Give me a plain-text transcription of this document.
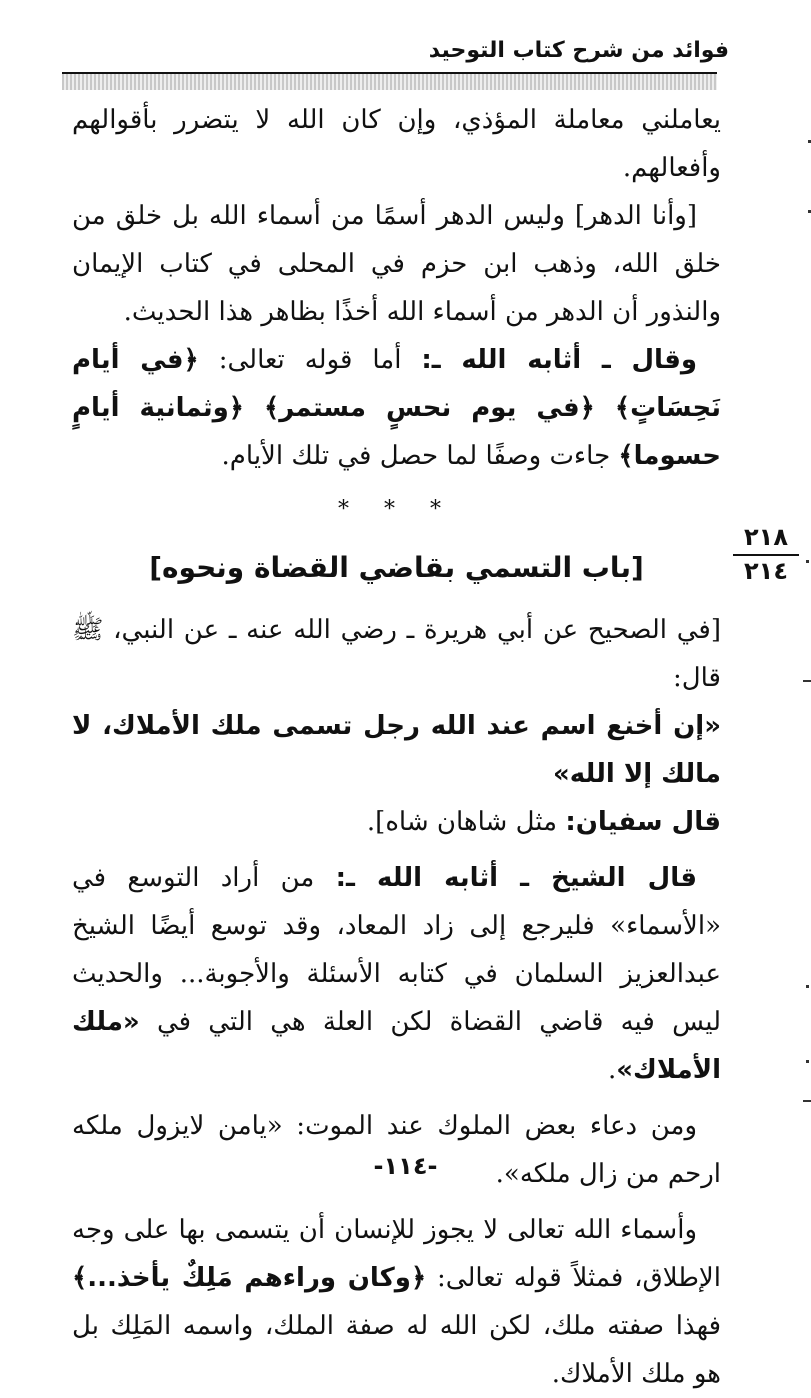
فوائد من شرح كتاب التوحيد
٢١٨
٢١٤

يعاملني معاملة المؤذي، وإن كان الله لا يتضرر بأقوالهم وأفعالهم.

[وأنا الدهر] وليس الدهر أسمًا من أسماء الله بل خلق من خلق الله، وذهب ابن حزم في المحلى في كتاب الإيمان والنذور أن الدهر من أسماء الله أخذًا بظاهر هذا الحديث.

وقال ـ أثابه الله ـ: أما قوله تعالى: ﴿في أيام نَحِسَاتٍ﴾ ﴿في يوم نحسٍ مستمر﴾ ﴿وثمانية أيامٍ حسوما﴾ جاءت وصفًا لما حصل في تلك الأيام.

* * *
[باب التسمي بقاضي القضاة ونحوه]

[في الصحيح عن أبي هريرة ـ رضي الله عنه ـ عن النبي، ﷺ قال:

«إن أخنع اسم عند الله رجل تسمى ملك الأملاك، لا مالك إلا الله»

قال سفيان: مثل شاهان شاه].

قال الشيخ ـ أثابه الله ـ: من أراد التوسع في «الأسماء» فليرجع إلى زاد المعاد، وقد توسع أيضًا الشيخ عبدالعزيز السلمان في كتابه الأسئلة والأجوبة... والحديث ليس فيه قاضي القضاة لكن العلة هي التي في «ملك الأملاك».

ومن دعاء بعض الملوك عند الموت: «يامن لايزول ملكه ارحم من زال ملكه».

وأسماء الله تعالى لا يجوز للإنسان أن يتسمى بها على وجه الإطلاق، فمثلاً قوله تعالى: ﴿وكان وراءهم مَلِكٌ يأخذ...﴾ فهذا صفته ملك، لكن الله له صفة الملك، واسمه المَلِك بل هو ملك الأملاك.

-١١٤-
